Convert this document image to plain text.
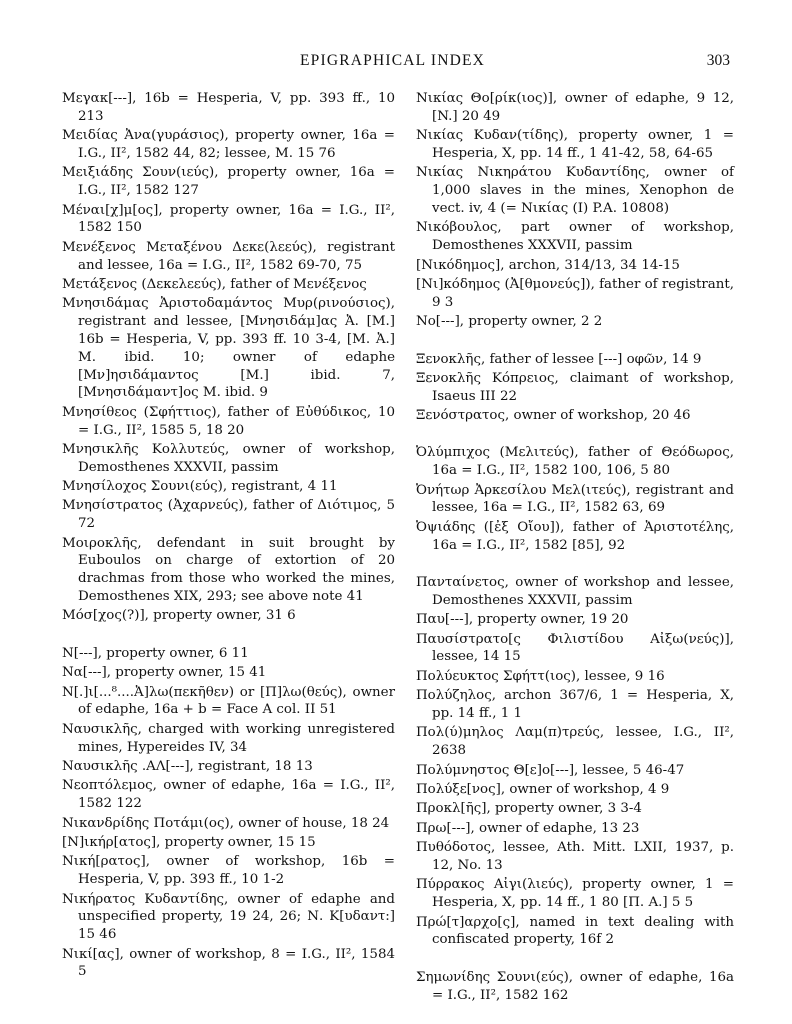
EPIGRAPHICAL INDEX	303

Μεγακ[---], 16b = Hesperia, V, pp. 393 ff., 10 213

Μειδίας Ἀνα(γυράσιος), property owner, 16a = I.G., II², 1582 44, 82; lessee, M. 15 76

Μειξιάδης Σουν(ιεύς), property owner, 16a = I.G., II², 1582 127

Μέναι[χ]μ[ος], property owner, 16a = I.G., II², 1582 150

Μενέξενος Μεταξένου Δεκε(λεεύς), registrant and lessee, 16a = I.G., II², 1582 69-70, 75

Μετάξενος (Δεκελεεύς), father of Μενέξενος

Μνησιδάμας Ἀριστοδαμάντος Μυρ(ρινούσιος), registrant and lessee, [Μνησιδάμ]ας Ἀ. [M.] 16b = Hesperia, V, pp. 393 ff. 10 3-4, [M. Ἀ.] M. ibid. 10; owner of edaphe [Μν]ησιδάμαντος [M.] ibid. 7, [Μνησιδάμαντ]ος M. ibid. 9

Μνησίθεος (Σφήττιος), father of Εὐθύδικος, 10 = I.G., II², 1585 5, 18 20

Μνησικλῆς Κολλυτεύς, owner of workshop, Demosthenes XXXVII, passim

Μνησίλοχος Σουνι(εύς), registrant, 4 11

Μνησίστρατος (Ἀχαρνεύς), father of Διότιμος, 5 72

Μοιροκλῆς, defendant in suit brought by Euboulos on charge of extortion of 20 drachmas from those who worked the mines, Demosthenes XIX, 293; see above note 41

Μόσ[χος(?)], property owner, 31 6

Ν[---], property owner, 6 11

Να[---], property owner, 15 41

Ν[.]ι[...⁸....Ἀ]λω(πεκῆθεν) or [Π]λω(θεύς), owner of edaphe, 16a + b = Face A col. II 51

Ναυσικλῆς, charged with working unregistered mines, Hypereides IV, 34

Ναυσικλῆς .ΑΛ[---], registrant, 18 13

Νεοπτόλεμος, owner of edaphe, 16a = I.G., II², 1582 122

Νικανδρίδης Ποτάμι(ος), owner of house, 18 24

[Ν]ικήρ[ατος], property owner, 15 15

Νική[ρατος], owner of workshop, 16b = Hesperia, V, pp. 393 ff., 10 1-2

Νικήρατος Κυδαντίδης, owner of edaphe and unspecified property, 19 24, 26; Ν. Κ[υδαντ:] 15 46

Νικί[ας], owner of workshop, 8 = I.G., II², 1584 5

Νικίας Θο[ρίκ(ιος)], owner of edaphe, 9 12, [N.] 20 49

Νικίας Κυδαν(τίδης), property owner, 1 = Hesperia, X, pp. 14 ff., 1 41-42, 58, 64-65

Νικίας Νικηράτου Κυδαντίδης, owner of 1,000 slaves in the mines, Xenophon de vect. iv, 4 (= Νικίας (I) P.A. 10808)

Νικόβουλος, part owner of workshop, Demosthenes XXXVII, passim

[Νικόδημος], archon, 314/13, 34 14-15

[Νι]κόδημος (Ἀ[θμονεύς]), father of registrant, 9 3

Νο[---], property owner, 2 2

Ξενοκλῆς, father of lessee [---] οφῶν, 14 9

Ξενοκλῆς Κόπρειος, claimant of workshop, Isaeus III 22

Ξενόστρατος, owner of workshop, 20 46

Ὀλύμπιχος (Μελιτεύς), father of Θεόδωρος, 16a = I.G., II², 1582 100, 106, 5 80

Ὀνήτωρ Ἀρκεσίλου Μελ(ιτεύς), registrant and lessee, 16a = I.G., II², 1582 63, 69

Ὀψιάδης ([ἐξ Οἴου]), father of Ἀριστοτέλης, 16a = I.G., II², 1582 [85], 92

Πανταίνετος, owner of workshop and lessee, Demosthenes XXXVII, passim

Παυ[---], property owner, 19 20

Παυσίστρατο[ς Φιλιστίδου Αἰξω(νεύς)], lessee, 14 15

Πολύευκτος Σφήττ(ιος), lessee, 9 16

Πολύζηλος, archon 367/6, 1 = Hesperia, X, pp. 14 ff., 1 1

Πολ(ύ)μηλος Λαμ(π)τρεύς, lessee, I.G., II², 2638

Πολύμνηστος Θ[ε]ο[---], lessee, 5 46-47

Πολύξε[νος], owner of workshop, 4 9

Προκλ[ῆς], property owner, 3 3-4

Πρω[---], owner of edaphe, 13 23

Πυθόδοτος, lessee, Ath. Mitt. LXII, 1937, p. 12, No. 13

Πύρρακος Αἰγι(λιεύς), property owner, 1 = Hesperia, X, pp. 14 ff., 1 80 [Π. Α.] 5 5

Πρώ[τ]αρχο[ς], named in text dealing with confiscated property, 16f 2

Σημωνίδης Σουνι(εύς), owner of edaphe, 16a = I.G., II², 1582 162
